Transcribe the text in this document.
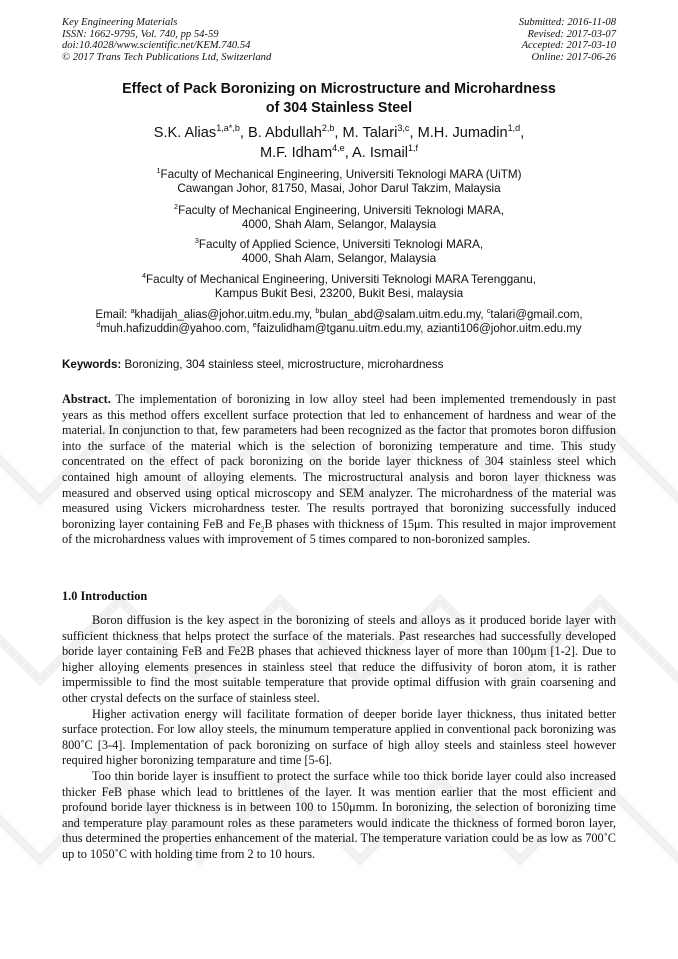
Key Engineering Materials
ISSN: 1662-9795, Vol. 740, pp 54-59
doi:10.4028/www.scientific.net/KEM.740.54
© 2017 Trans Tech Publications Ltd, Switzerland
Submitted: 2016-11-08
Revised: 2017-03-07
Accepted: 2017-03-10
Online: 2017-06-26
Effect of Pack Boronizing on Microstructure and Microhardness
of 304 Stainless Steel
S.K. Alias$^{1,a*,b}$, B. Abdullah$^{2,b}$, M. Talari$^{3,c}$, M.H. Jumadin$^{1,d}$,
M.F. Idham$^{4,e}$, A. Ismail$^{1,f}$
$^1$Faculty of Mechanical Engineering, Universiti Teknologi MARA (UiTM)
Cawangan Johor, 81750, Masai, Johor Darul Takzim, Malaysia
$^2$Faculty of Mechanical Engineering, Universiti Teknologi MARA,
4000, Shah Alam, Selangor, Malaysia
$^3$Faculty of Applied Science, Universiti Teknologi MARA,
4000, Shah Alam, Selangor, Malaysia
$^4$Faculty of Mechanical Engineering, Universiti Teknologi MARA Terengganu,
Kampus Bukit Besi, 23200, Bukit Besi, malaysia
Email: $^a$khadijah_alias@johor.uitm.edu.my, $^b$bulan_abd@salam.uitm.edu.my, $^c$talari@gmail.com,
$^d$muh.hafizuddin@yahoo.com, $^e$faizulidham@tganu.uitm.edu.my, azianti106@johor.uitm.edu.my
Keywords: Boronizing, 304 stainless steel, microstructure, microhardness

Abstract. The implementation of boronizing in low alloy steel had been implemented tremendously in past years as this method offers excellent surface protection that led to enhancement of hardness and wear of the material. In conjunction to that, few parameters had been recognized as the factor that promotes boron diffusion into the surface of the material which is the selection of boronizing temperature and time. This study concentrated on the effect of pack boronizing on the boride layer thickness of 304 stainless steel which contained high amount of alloying elements. The microstructural analysis and boron layer thickness was measured and observed using optical microscopy and SEM analyzer. The microhardness of the material was measured using Vickers microhardness tester. The results portrayed that boronizing successfully induced boronizing layer containing FeB and $Fe_2B$ phases with thickness of 15μm. This resulted in major improvement of the microhardness values with improvement of 5 times compared to non-boronized samples.

1.0 Introduction

Boron diffusion is the key aspect in the boronizing of steels and alloys as it produced boride layer with sufficient thickness that helps protect the surface of the materials. Past researches had successfully developed boride layer containing FeB and Fe2B phases that achieved thickness layer of more than 100μm [1-2]. Due to higher alloying elements presences in stainless steel that reduce the diffusivity of boron atom, it is rather impermissible to find the most suitable temperature that provide optimal diffusion with grain coarsening and other crystal defects on the surface of stainless steel.

Higher activation energy will facilitate formation of deeper boride layer thickness, thus initated better surface protection. For low alloy steels, the minumum temperature applied in conventional pack boronizing was 800˚C [3-4]. Implementation of pack boronizing on surface of high alloy steels and stainless steel however required higher boronizing temparature and time [5-6].

Too thin boride layer is insuffient to protect the surface while too thick boride layer could also increased thicker FeB phase which lead to brittlenes of the layer. It was mention earlier that the most efficient and profound boride layer thickness is in between 100 to 150μmm. In boronizing, the selection of boronizing time and temperature play paramount roles as these parameters would indicate the thickness of formed boron layer, thus determined the properties enhancement of the material. The temperature variation could be as low as 700˚C up to 1050˚C with holding time from 2 to 10 hours.
